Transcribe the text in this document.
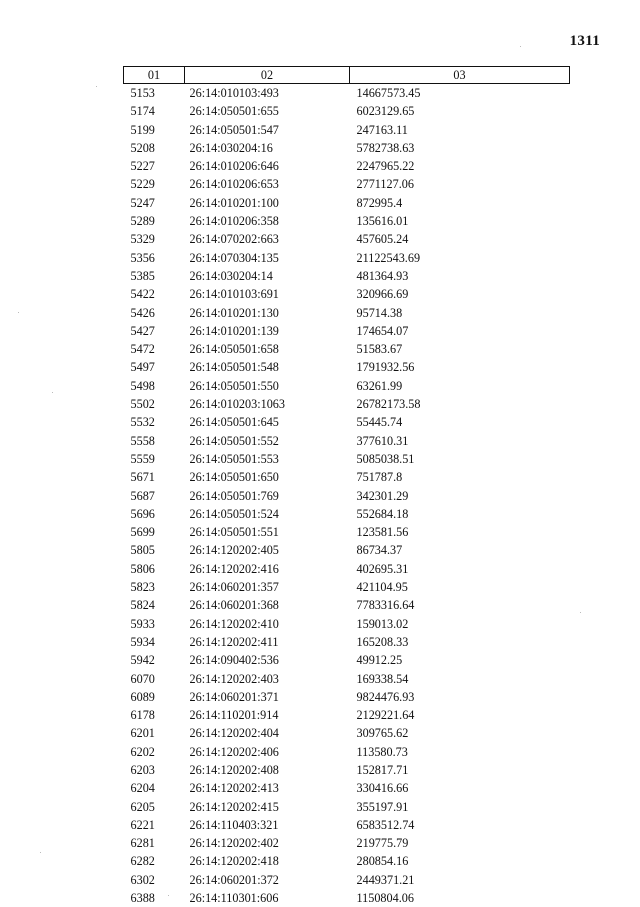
1311
01	02	03
5153	26:14:010103:493	14667573.45
5174	26:14:050501:655	6023129.65
5199	26:14:050501:547	247163.11
5208	26:14:030204:16	5782738.63
5227	26:14:010206:646	2247965.22
5229	26:14:010206:653	2771127.06
5247	26:14:010201:100	872995.4
5289	26:14:010206:358	135616.01
5329	26:14:070202:663	457605.24
5356	26:14:070304:135	21122543.69
5385	26:14:030204:14	481364.93
5422	26:14:010103:691	320966.69
5426	26:14:010201:130	95714.38
5427	26:14:010201:139	174654.07
5472	26:14:050501:658	51583.67
5497	26:14:050501:548	1791932.56
5498	26:14:050501:550	63261.99
5502	26:14:010203:1063	26782173.58
5532	26:14:050501:645	55445.74
5558	26:14:050501:552	377610.31
5559	26:14:050501:553	5085038.51
5671	26:14:050501:650	751787.8
5687	26:14:050501:769	342301.29
5696	26:14:050501:524	552684.18
5699	26:14:050501:551	123581.56
5805	26:14:120202:405	86734.37
5806	26:14:120202:416	402695.31
5823	26:14:060201:357	421104.95
5824	26:14:060201:368	7783316.64
5933	26:14:120202:410	159013.02
5934	26:14:120202:411	165208.33
5942	26:14:090402:536	49912.25
6070	26:14:120202:403	169338.54
6089	26:14:060201:371	9824476.93
6178	26:14:110201:914	2129221.64
6201	26:14:120202:404	309765.62
6202	26:14:120202:406	113580.73
6203	26:14:120202:408	152817.71
6204	26:14:120202:413	330416.66
6205	26:14:120202:415	355197.91
6221	26:14:110403:321	6583512.74
6281	26:14:120202:402	219775.79
6282	26:14:120202:418	280854.16
6302	26:14:060201:372	2449371.21
6388	26:14:110301:606	1150804.06
